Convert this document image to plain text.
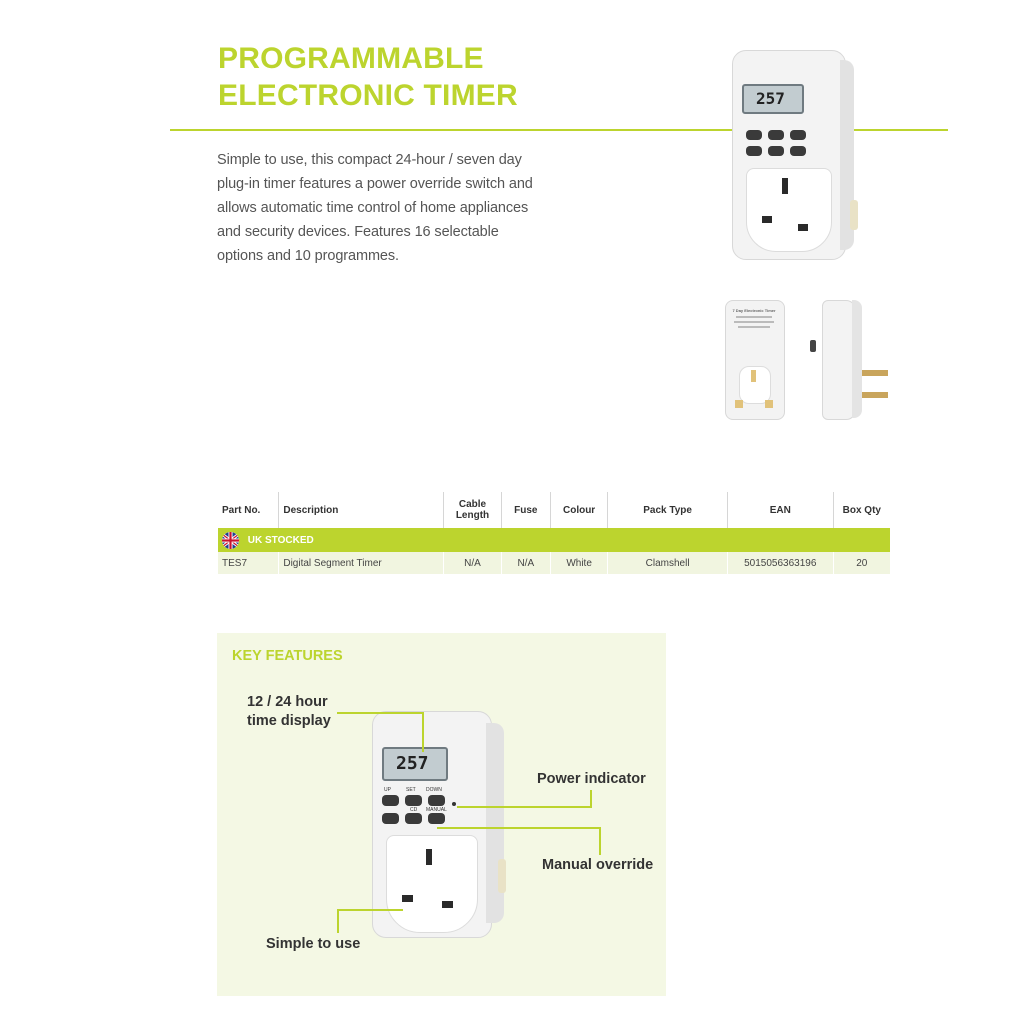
PROGRAMMABLE
ELECTRONIC TIMER
Simple to use, this compact 24-hour / seven day plug-in timer features a power override switch and allows automatic time control of home appliances and security devices. Features 16 selectable options and 10 programmes.
257
7 Day Electronic Timer
Part No.	Description	Cable Length	Fuse	Colour	Pack Type	EAN	Box Qty
UK STOCKED							
TES7	Digital Segment Timer	N/A	N/A	White	Clamshell	5015056363196	20
KEY FEATURES
257
UP	SET DOWN
CD MANUAL
12 / 24 hour
time display
Power indicator
Manual override
Simple to use
